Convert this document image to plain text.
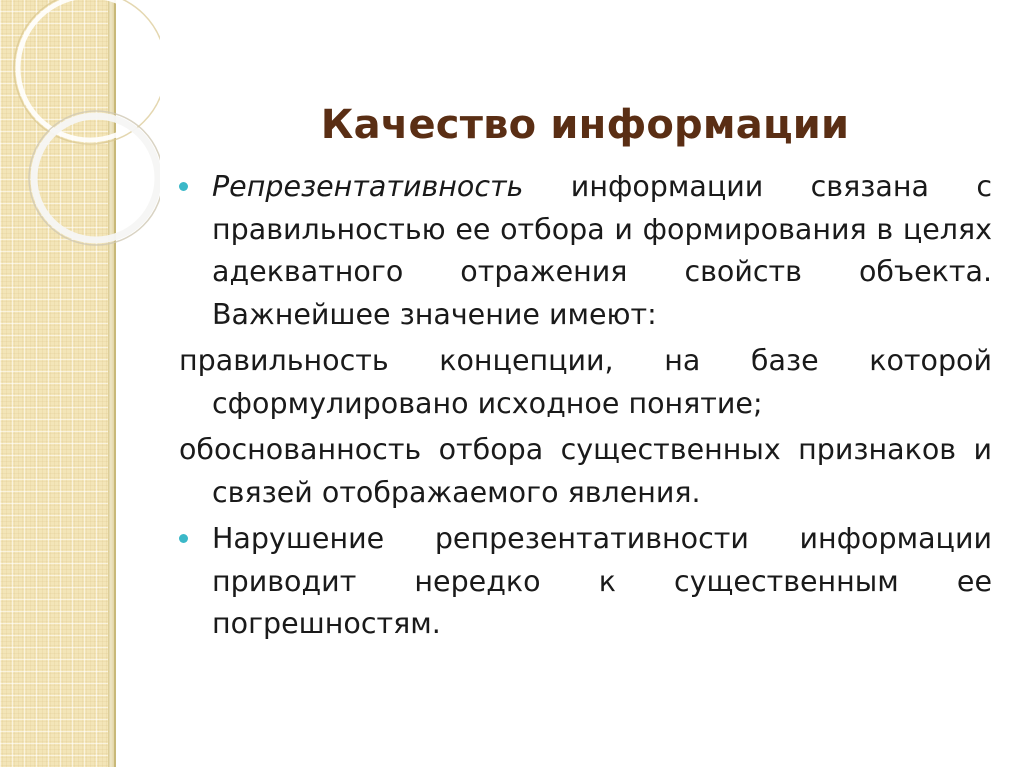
Качество информации

Репрезентативность информации связана с правильностью ее отбора и формирования в целях адекватного отражения свойств объекта. Важнейшее значение имеют:

правильность концепции, на базе которой сформулировано исходное понятие;

обоснованность отбора существенных признаков и связей отображаемого явления.

Нарушение репрезентативности информации приводит нередко к существенным ее погрешностям.
